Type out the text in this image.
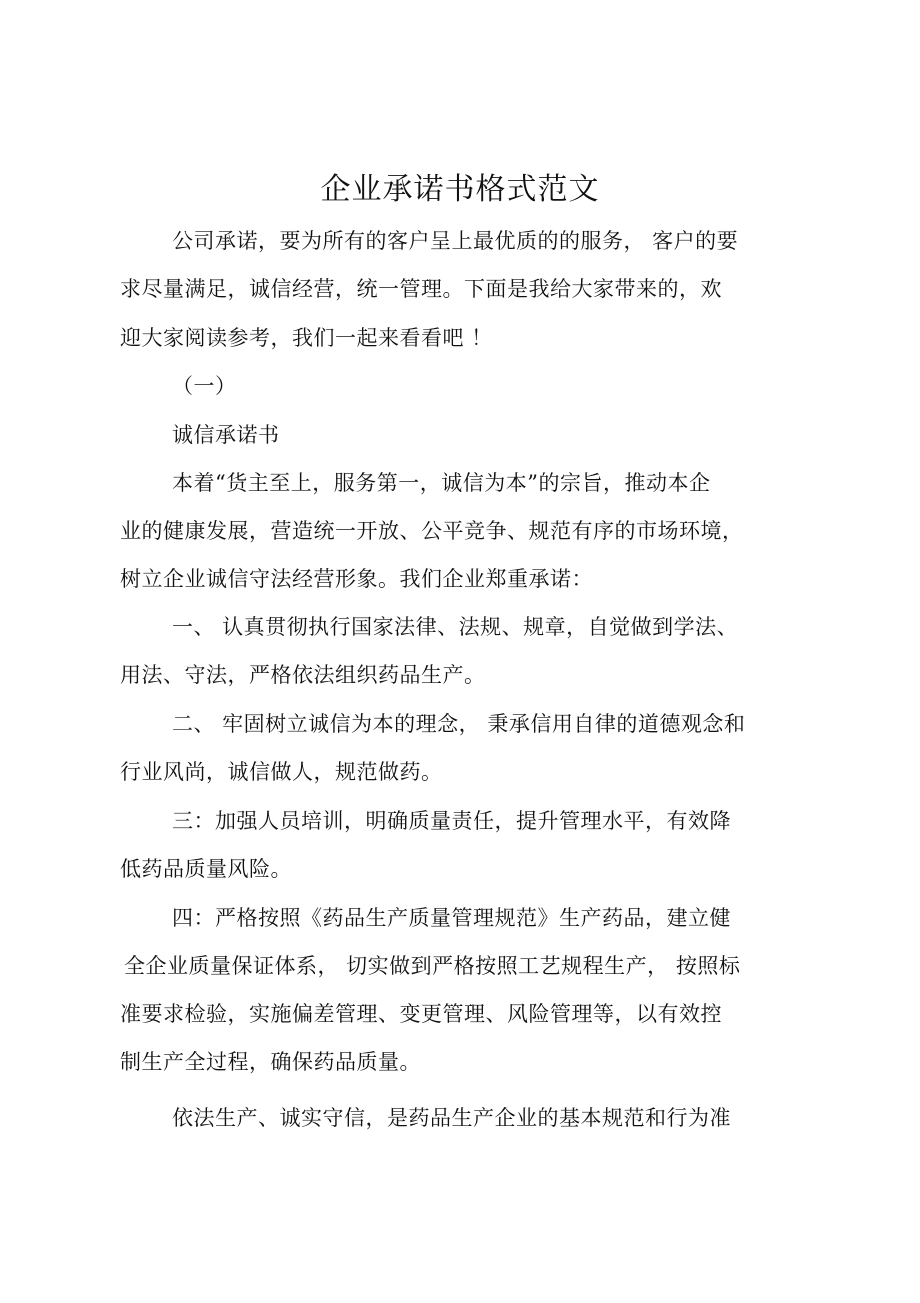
企业承诺书格式范文
公司承诺，要为所有的客户呈上最优质的的服务， 客户的要
求尽量满足，诚信经营，统一管理。下面是我给大家带来的，欢
迎大家阅读参考，我们一起来看看吧 ！
（一）
诚信承诺书
本着“货主至上，服务第一，诚信为本”的宗旨，推动本企
业的健康发展，营造统一开放、公平竞争、规范有序的市场环境，
树立企业诚信守法经营形象。我们企业郑重承诺：
一、 认真贯彻执行国家法律、法规、规章，自觉做到学法、
用法、守法，严格依法组织药品生产。
二、 牢固树立诚信为本的理念， 秉承信用自律的道德观念和
行业风尚，诚信做人，规范做药。
三：加强人员培训，明确质量责任，提升管理水平，有效降
低药品质量风险。
四：严格按照《药品生产质量管理规范》生产药品，建立健
全企业质量保证体系， 切实做到严格按照工艺规程生产， 按照标
准要求检验，实施偏差管理、变更管理、风险管理等，以有效控
制生产全过程，确保药品质量。
依法生产、诚实守信，是药品生产企业的基本规范和行为准
